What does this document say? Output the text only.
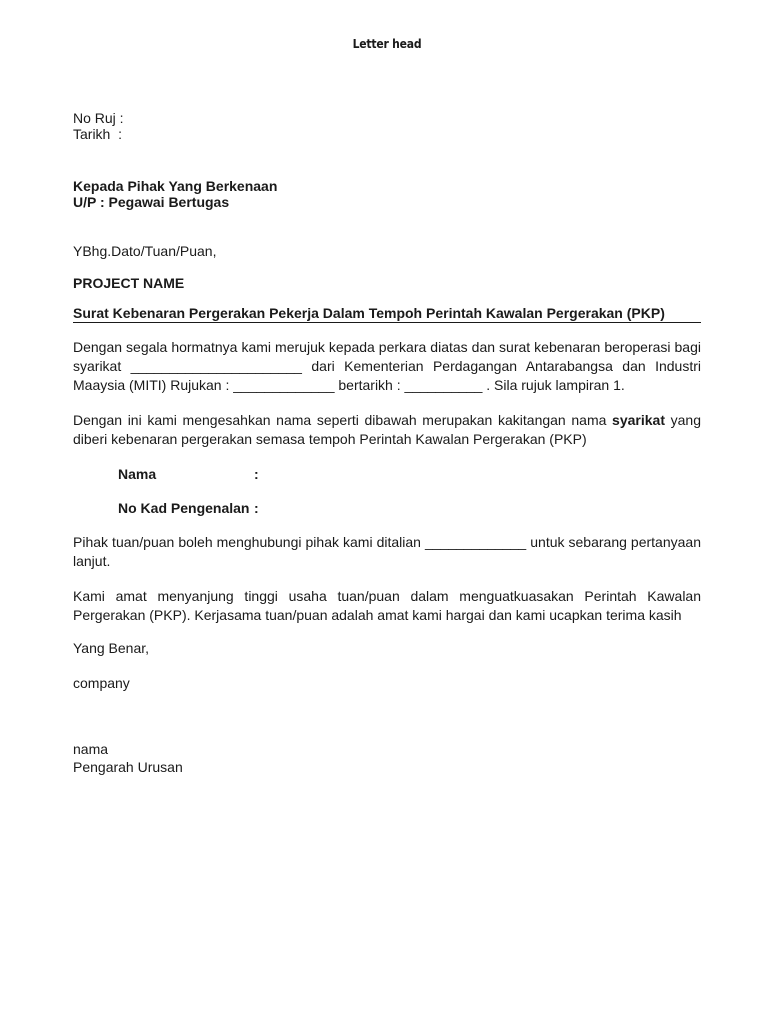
Letter head
No Ruj :
Tarikh  :
Kepada Pihak Yang Berkenaan
U/P : Pegawai Bertugas
YBhg.Dato/Tuan/Puan,
PROJECT NAME
Surat Kebenaran Pergerakan Pekerja Dalam Tempoh Perintah Kawalan Pergerakan (PKP)
Dengan segala hormatnya kami merujuk kepada perkara diatas dan surat kebenaran beroperasi bagi syarikat ______________________ dari Kementerian Perdagangan Antarabangsa dan Industri Maaysia (MITI) Rujukan : _____________ bertarikh : __________ . Sila rujuk lampiran 1.
Dengan ini kami mengesahkan nama seperti dibawah merupakan kakitangan nama syarikat yang diberi kebenaran pergerakan semasa tempoh Perintah Kawalan Pergerakan (PKP)
Nama	:
No Kad Pengenalan :
Pihak tuan/puan boleh menghubungi pihak kami ditalian _____________ untuk sebarang pertanyaan lanjut.
Kami amat menyanjung tinggi usaha tuan/puan dalam menguatkuasakan Perintah Kawalan Pergerakan (PKP). Kerjasama tuan/puan adalah amat kami hargai dan kami ucapkan terima kasih
Yang Benar,
company
nama
Pengarah Urusan
